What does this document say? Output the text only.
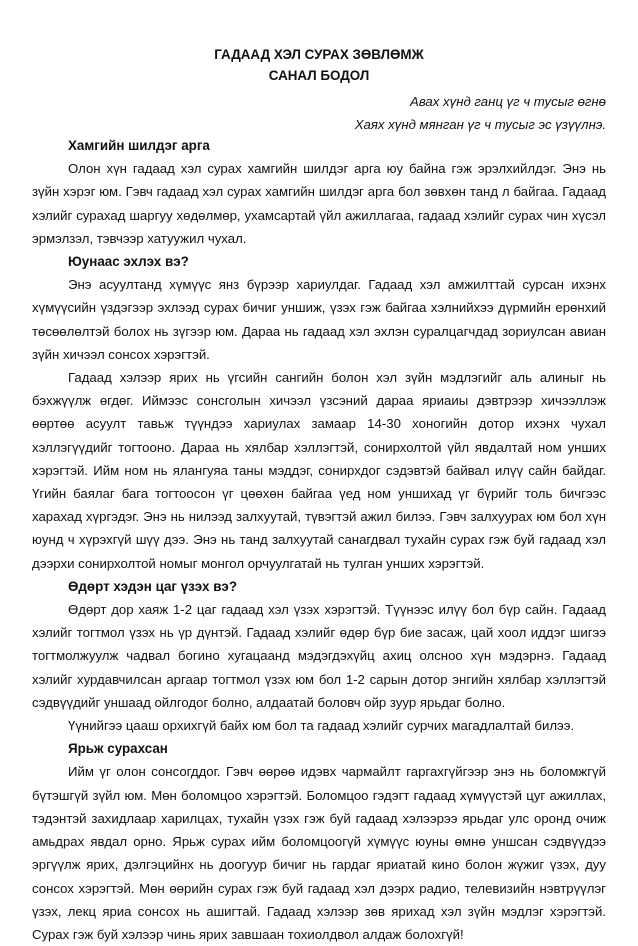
ГАДААД ХЭЛ СУРАХ ЗӨВЛӨМЖ
САНАЛ БОДОЛ
Авах хүнд ганц үг ч тусыг өгнө
Хаях хүнд мянган үг ч тусыг эс үзүүлнэ.
Хамгийн шилдэг арга

Олон хүн гадаад хэл сурах хамгийн шилдэг арга юу байна гэж эрэлхийлдэг. Энэ нь зүйн хэрэг юм. Гэвч гадаад хэл сурах хамгийн шилдэг арга бол зөвхөн танд л байгаа. Гадаад хэлийг сурахад шаргуу хөдөлмөр, ухамсартай үйл ажиллагаа, гадаад хэлийг сурах чин хүсэл эрмэлзэл, тэвчээр хатуужил чухал.

Юунаас эхлэх вэ?

Энэ асуултанд хүмүүс янз бүрээр хариулдаг. Гадаад хэл амжилттай сурсан ихэнх хүмүүсийн үздэгээр эхлээд сурах бичиг уншиж, үзэх гэж байгаа хэлнийхээ дүрмийн ерөнхий төсөөлөлтэй болох нь зүгээр юм. Дараа нь гадаад хэл эхлэн суралцагчдад зориулсан авиан зүйн хичээл сонсох хэрэгтэй.

Гадаад хэлээр ярих нь үгсийн сангийн болон хэл зүйн мэдлэгийг аль алиныг нь бэхжүүлж өгдөг. Иймээс сонсголын хичээл үзсэний дараа яриаиы дэвтрээр хичээллэж өөртөө асуулт тавьж түүндээ хариулах замаар 14-30 хоногийн дотор ихэнх чухал хэллэгүүдийг тогтооно. Дараа нь хялбар хэллэгтэй, сонирхолтой үйл явдалтай ном унших хэрэгтэй. Ийм ном нь ялангуяа таны мэддэг, сонирхдог сэдэвтэй байвал илүү сайн байдаг. Үгийн баялаг бага тогтоосон үг цөөхөн байгаа үед ном уншихад үг бүрийг толь бичгээс харахад хүргэдэг. Энэ нь нилээд залхуутай, түвэгтэй ажил билээ. Гэвч залхуурах юм бол хүн юунд ч хүрэхгүй шүү дээ. Энэ нь танд залхуутай санагдвал тухайн сурах гэж буй гадаад хэл дээрхи сонирхолтой номыг монгол орчуулгатай нь тулган унших хэрэгтэй.

Өдөрт хэдэн цаг үзэх вэ?

Өдөрт дор хаяж 1-2 цаг гадаад хэл үзэх хэрэгтэй. Түүнээс илүү бол бүр сайн. Гадаад хэлийг тогтмол үзэх нь үр дүнтэй. Гадаад хэлийг өдөр бүр бие засаж, цай хоол иддэг шигээ тогтмолжуулж чадвал богино хугацаанд мэдэгдэхүйц ахиц олсноо хүн мэдэрнэ. Гадаад хэлийг хурдавчилсан аргаар тогтмол үзэх юм бол 1-2 сарын дотор энгийн хялбар хэллэгтэй сэдвүүдийг уншаад ойлгодог болно, алдаатай боловч ойр зуур ярьдаг болно.

Үүнийгээ цааш орхихгүй байх юм бол та гадаад хэлийг сурчих магадлалтай билээ.

Ярьж сурахсан

Ийм үг олон сонсогддог. Гэвч өөрөө идэвх чармайлт гаргахгүйгээр энэ нь боломжгүй бүтэшгүй зүйл юм. Мөн боломцоо хэрэгтэй. Боломцоо гэдэгт гадаад хүмүүстэй цуг ажиллах, тэдэнтэй захидлаар харилцах, тухайн үзэх гэж буй гадаад хэлээрээ ярьдаг улс оронд очиж амьдрах явдал орно. Ярьж сурах ийм боломцоогүй хүмүүс юуны өмнө уншсан сэдвүүдээ эргүүлж ярих, дэлгэцийнх нь доогуур бичиг нь гардаг яриатай кино болон жүжиг үзэх, дуу сонсох хэрэгтэй. Мөн өөрийн сурах гэж буй гадаад хэл дээрх радио, телевизийн нэвтрүүлэг үзэх, лекц яриа сонсох нь ашигтай. Гадаад хэлээр зөв ярихад хэл зүйн мэдлэг хэрэгтэй. Сурах гэж буй хэлээр чинь ярих завшаан тохиолдвол алдаж болохгүй!
